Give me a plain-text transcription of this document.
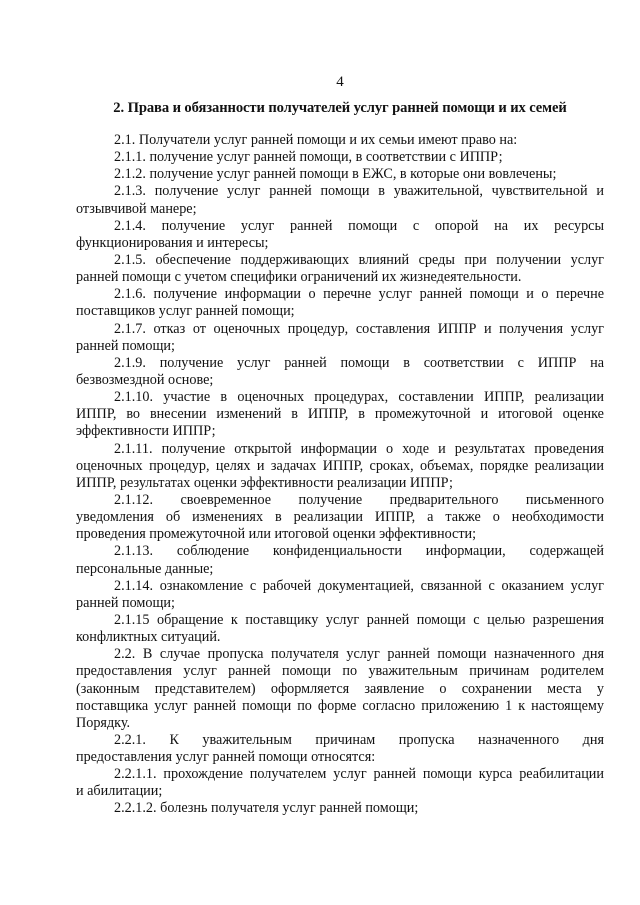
4
2. Права и обязанности получателей услуг ранней помощи и их семей
2.1. Получатели услуг ранней помощи и их семьи имеют право на:
2.1.1. получение услуг ранней помощи, в соответствии с ИППР;
2.1.2. получение услуг ранней помощи в ЕЖС, в которые они вовлечены;
2.1.3. получение услуг ранней помощи в уважительной, чувствительной и
отзывчивой манере;
2.1.4. получение услуг ранней помощи с опорой на их ресурсы
функционирования и интересы;
2.1.5. обеспечение поддерживающих влияний среды при получении услуг
ранней помощи с учетом специфики ограничений их жизнедеятельности.
2.1.6. получение информации о перечне услуг ранней помощи и о перечне
поставщиков услуг ранней помощи;
2.1.7. отказ от оценочных процедур, составления ИППР и получения услуг
ранней помощи;
2.1.9. получение услуг ранней помощи в соответствии с ИППР на
безвозмездной основе;
2.1.10. участие в оценочных процедурах, составлении ИППР, реализации
ИППР, во внесении изменений в ИППР, в промежуточной и итоговой оценке
эффективности ИППР;
2.1.11. получение открытой информации о ходе и результатах проведения
оценочных процедур, целях и задачах ИППР, сроках, объемах, порядке реализации
ИППР, результатах оценки эффективности реализации ИППР;
2.1.12. своевременное получение предварительного письменного
уведомления об изменениях в реализации ИППР, а также о необходимости
проведения промежуточной или итоговой оценки эффективности;
2.1.13. соблюдение конфиденциальности информации, содержащей
персональные данные;
2.1.14. ознакомление с рабочей документацией, связанной с оказанием услуг
ранней помощи;
2.1.15 обращение к поставщику услуг ранней помощи с целью разрешения
конфликтных ситуаций.
2.2. В случае пропуска получателя услуг ранней помощи назначенного дня
предоставления услуг ранней помощи по уважительным причинам родителем
(законным представителем) оформляется заявление о сохранении места у
поставщика услуг ранней помощи по форме согласно приложению 1 к настоящему
Порядку.
2.2.1. К уважительным причинам пропуска назначенного дня
предоставления услуг ранней помощи относятся:
2.2.1.1. прохождение получателем услуг ранней помощи курса реабилитации
и абилитации;
2.2.1.2. болезнь получателя услуг ранней помощи;
